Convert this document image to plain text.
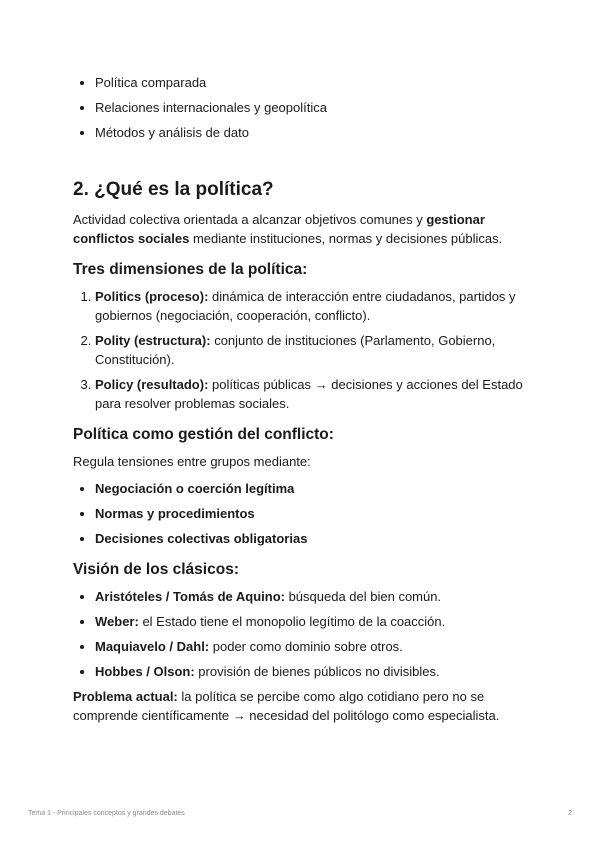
• Política comparada
• Relaciones internacionales y geopolítica
• Métodos y análisis de dato
2. ¿Qué es la política?

Actividad colectiva orientada a alcanzar objetivos comunes y gestionar conflictos sociales mediante instituciones, normas y decisiones públicas.

Tres dimensiones de la política:
1. Politics (proceso): dinámica de interacción entre ciudadanos, partidos y gobiernos (negociación, cooperación, conflicto).
2. Polity (estructura): conjunto de instituciones (Parlamento, Gobierno, Constitución).
3. Policy (resultado): políticas públicas → decisiones y acciones del Estado para resolver problemas sociales.
Política como gestión del conflicto:

Regula tensiones entre grupos mediante:

• Negociación o coerción legítima
• Normas y procedimientos
• Decisiones colectivas obligatorias
Visión de los clásicos:
• Aristóteles / Tomás de Aquino: búsqueda del bien común.
• Weber: el Estado tiene el monopolio legítimo de la coacción.
• Maquiavelo / Dahl: poder como dominio sobre otros.
• Hobbes / Olson: provisión de bienes públicos no divisibles.

Problema actual: la política se percibe como algo cotidiano pero no se comprende científicamente → necesidad del politólogo como especialista.

Tema 1 - Principales conceptos y grandes debates	2
